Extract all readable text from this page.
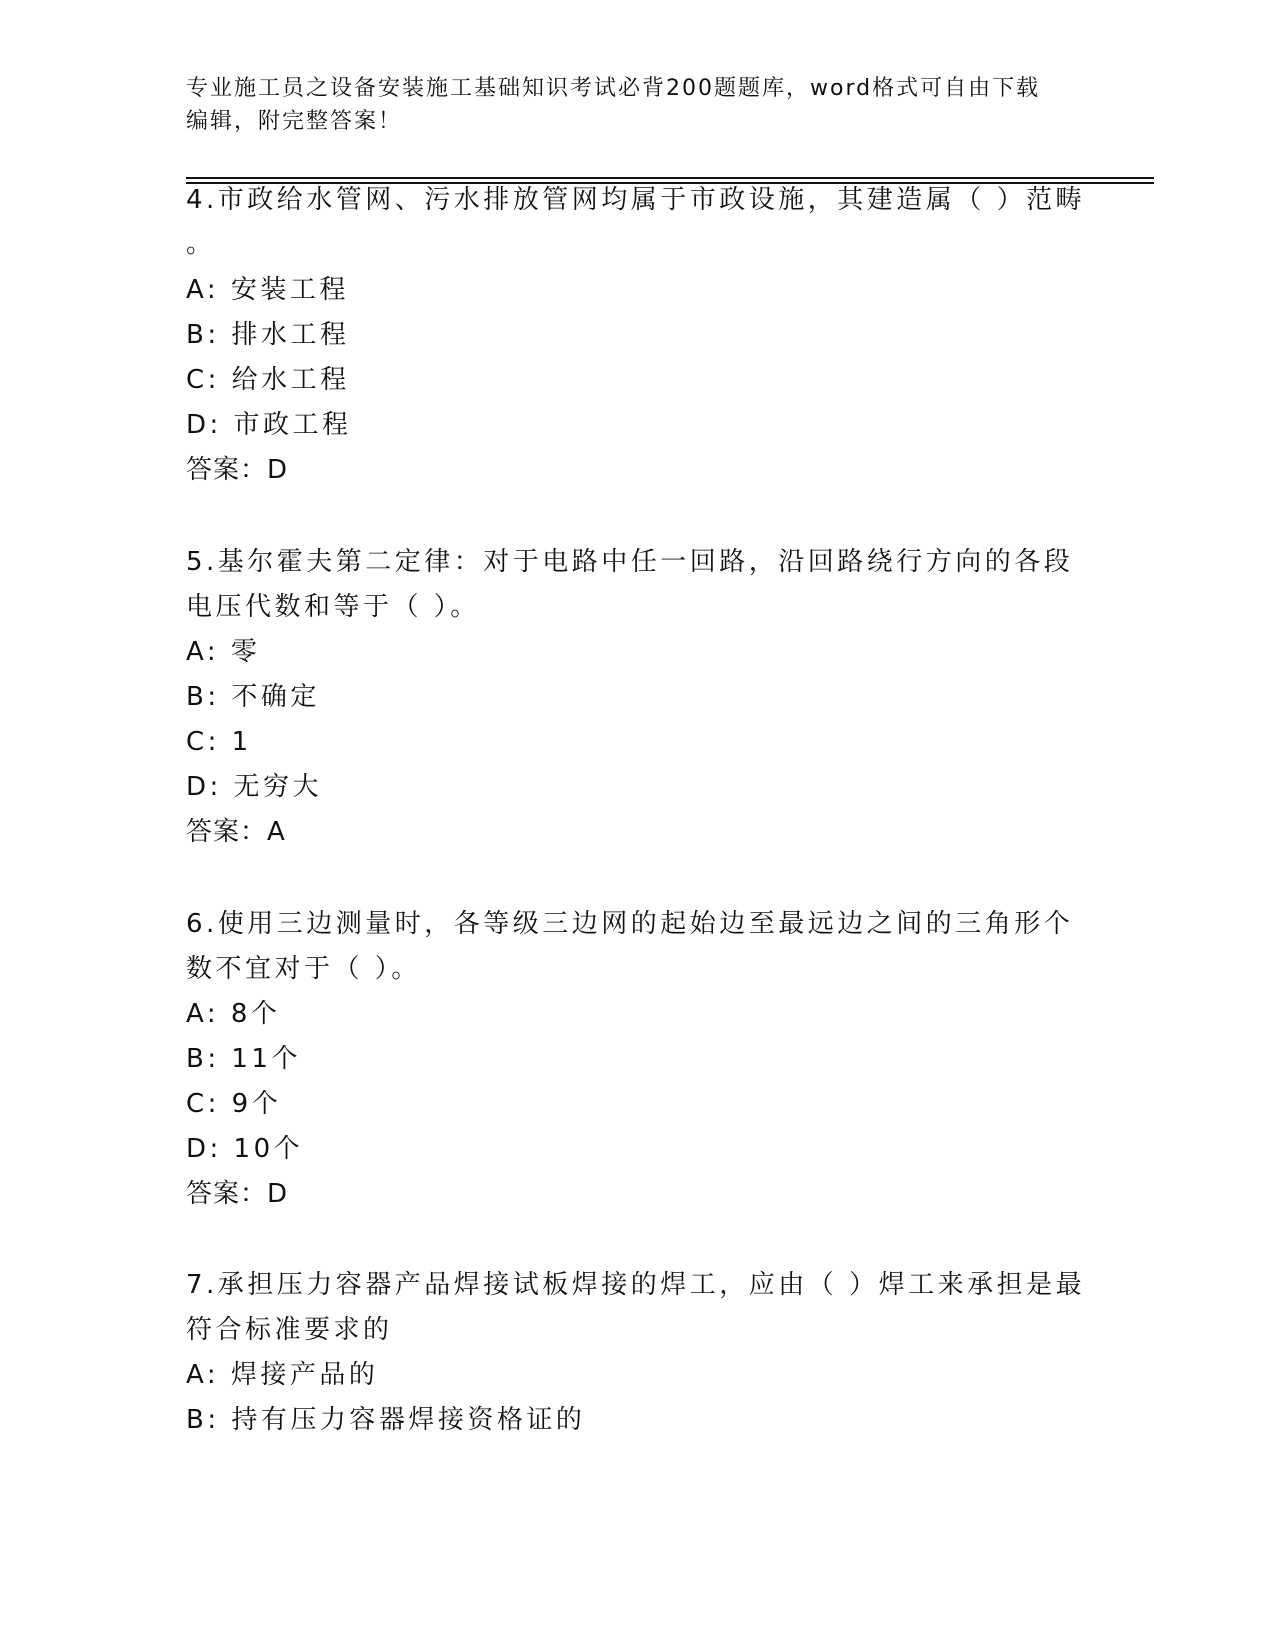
专业施工员之设备安装施工基础知识考试必背200题题库，word格式可自由下载
编辑，附完整答案！
4.市政给水管网、污水排放管网均属于市政设施，其建造属（ ）范畴
。
A: 安装工程
B: 排水工程
C: 给水工程
D: 市政工程
答案：D
5.基尔霍夫第二定律：对于电路中任一回路，沿回路绕行方向的各段
电压代数和等于（ ）。
A: 零
B: 不确定
C: 1
D: 无穷大
答案：A
6.使用三边测量时，各等级三边网的起始边至最远边之间的三角形个
数不宜对于（ ）。
A: 8个
B: 11个
C: 9个
D: 10个
答案：D
7.承担压力容器产品焊接试板焊接的焊工，应由（ ）焊工来承担是最
符合标准要求的
A: 焊接产品的
B: 持有压力容器焊接资格证的
